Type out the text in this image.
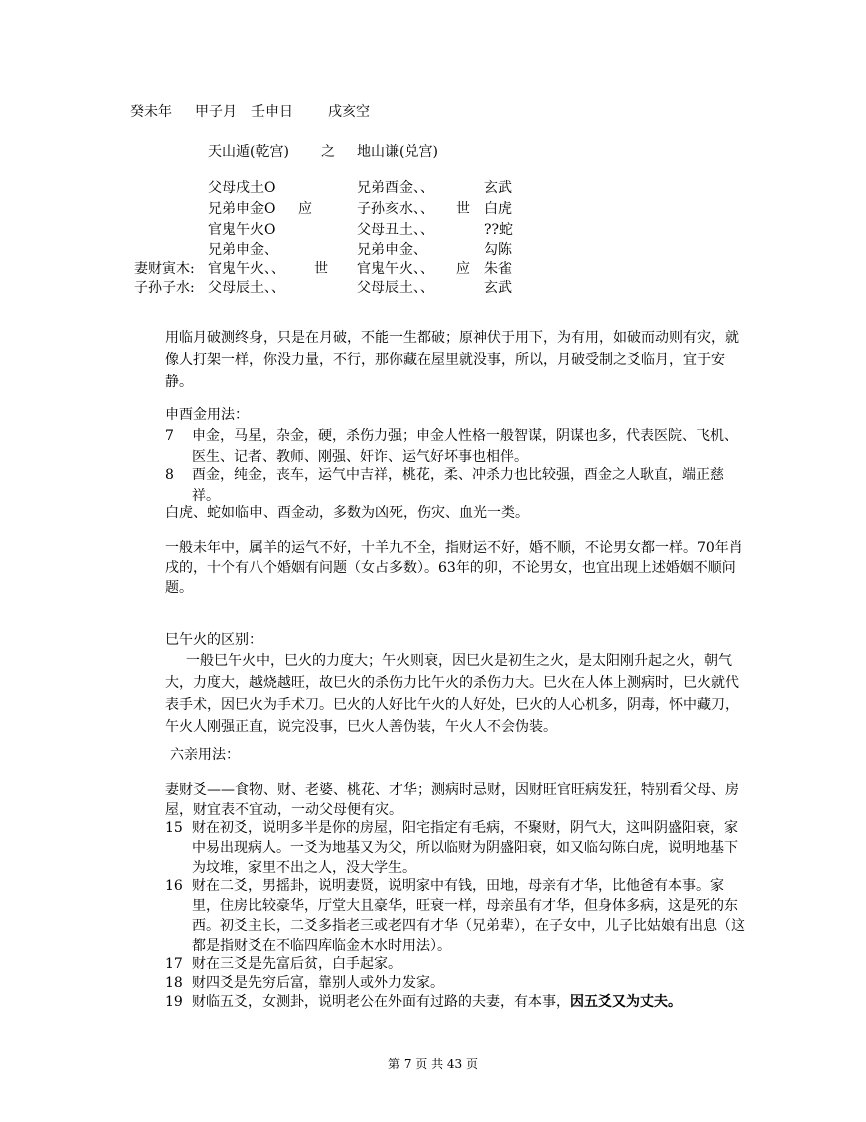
癸未年 甲子月 壬申日	戌亥空
天山遁(乾宫) 之 地山谦(兑宫)
父母戌土O	兄弟酉金、、	玄武
兄弟申金O 应	子孙亥水、、 世 白虎
官鬼午火O	父母丑土、、	??蛇
兄弟申金、	兄弟申金、	勾陈
妻财寅木: 官鬼午火、、 世 官鬼午火、、 应 朱雀
子孙子水: 父母辰土、、	父母辰土、、	玄武
用临月破测终身，只是在月破，不能一生都破；原神伏于用下，为有用，如破而动则有灾，就像人打架一样，你没力量，不行，那你藏在屋里就没事，所以，月破受制之爻临月，宜于安静。
申酉金用法：
7 申金，马星，杂金，硬，杀伤力强；申金人性格一般智谋，阴谋也多，代表医院、飞机、医生、记者、教师、刚强、奸诈、运气好坏事也相伴。
8 酉金，纯金，丧车，运气中吉祥，桃花，柔、冲杀力也比较强，酉金之人耿直，端正慈祥。
白虎、蛇如临申、酉金动，多数为凶死，伤灾、血光一类。
一般未年中，属羊的运气不好，十羊九不全，指财运不好，婚不顺，不论男女都一样。70年肖戌的，十个有八个婚姻有问题（女占多数）。63年的卯，不论男女，也宜出现上述婚姻不顺问题。
巳午火的区别：
一般巳午火中，巳火的力度大；午火则衰，因巳火是初生之火，是太阳刚升起之火，朝气大，力度大，越烧越旺，故巳火的杀伤力比午火的杀伤力大。巳火在人体上测病时，巳火就代表手术，因巳火为手术刀。巳火的人好比午火的人好处，巳火的人心机多，阴毒，怀中藏刀，午火人刚强正直，说完没事，巳火人善伪装，午火人不会伪装。
六亲用法：
妻财爻——食物、财、老婆、桃花、才华；测病时忌财，因财旺官旺病发狂，特别看父母、房屋，财宜表不宜动，一动父母便有灾。
15 财在初爻，说明多半是你的房屋，阳宅指定有毛病，不聚财，阴气大，这叫阴盛阳衰，家中易出现病人。一爻为地基又为父，所以临财为阴盛阳衰，如又临勾陈白虎，说明地基下为坟堆，家里不出之人，没大学生。
16 财在二爻，男摇卦，说明妻贤，说明家中有钱，田地，母亲有才华，比他爸有本事。家里，住房比较豪华，厅堂大且豪华，旺衰一样，母亲虽有才华，但身体多病，这是死的东西。初爻主长，二爻多指老三或老四有才华（兄弟辈），在子女中，儿子比姑娘有出息（这都是指财爻在不临四库临金木水时用法）。
17 财在三爻是先富后贫，白手起家。
18 财四爻是先穷后富，靠别人或外力发家。
19 财临五爻，女测卦，说明老公在外面有过路的夫妻，有本事，因五爻又为丈夫。
第 7 页 共 43 页
